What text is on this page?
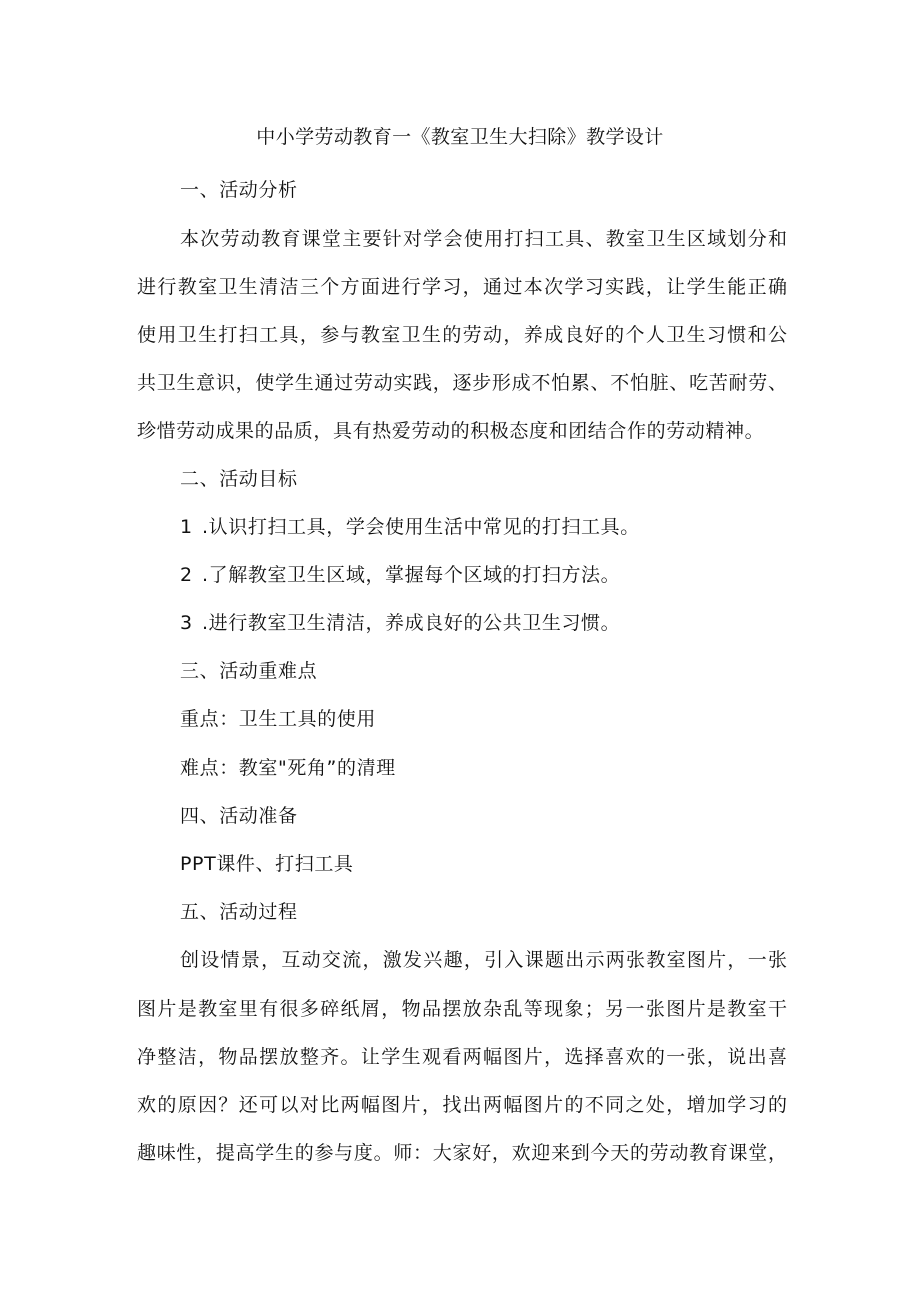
中小学劳动教育一《教室卫生大扫除》教学设计
一、活动分析
本次劳动教育课堂主要针对学会使用打扫工具、教室卫生区域划分和
进行教室卫生清洁三个方面进行学习，通过本次学习实践，让学生能正确
使用卫生打扫工具，参与教室卫生的劳动，养成良好的个人卫生习惯和公
共卫生意识，使学生通过劳动实践，逐步形成不怕累、不怕脏、吃苦耐劳、
珍惜劳动成果的品质，具有热爱劳动的积极态度和团结合作的劳动精神。
二、活动目标
1 .认识打扫工具，学会使用生活中常见的打扫工具。
2 .了解教室卫生区域，掌握每个区域的打扫方法。
3 .进行教室卫生清洁，养成良好的公共卫生习惯。
三、活动重难点
重点：卫生工具的使用
难点：教室"死角”的清理
四、活动准备
PPT课件、打扫工具
五、活动过程
创设情景，互动交流，激发兴趣，引入课题出示两张教室图片，一张
图片是教室里有很多碎纸屑，物品摆放杂乱等现象；另一张图片是教室干
净整洁，物品摆放整齐。让学生观看两幅图片，选择喜欢的一张，说出喜
欢的原因？还可以对比两幅图片，找出两幅图片的不同之处，增加学习的
趣味性，提高学生的参与度。师：大家好，欢迎来到今天的劳动教育课堂，
